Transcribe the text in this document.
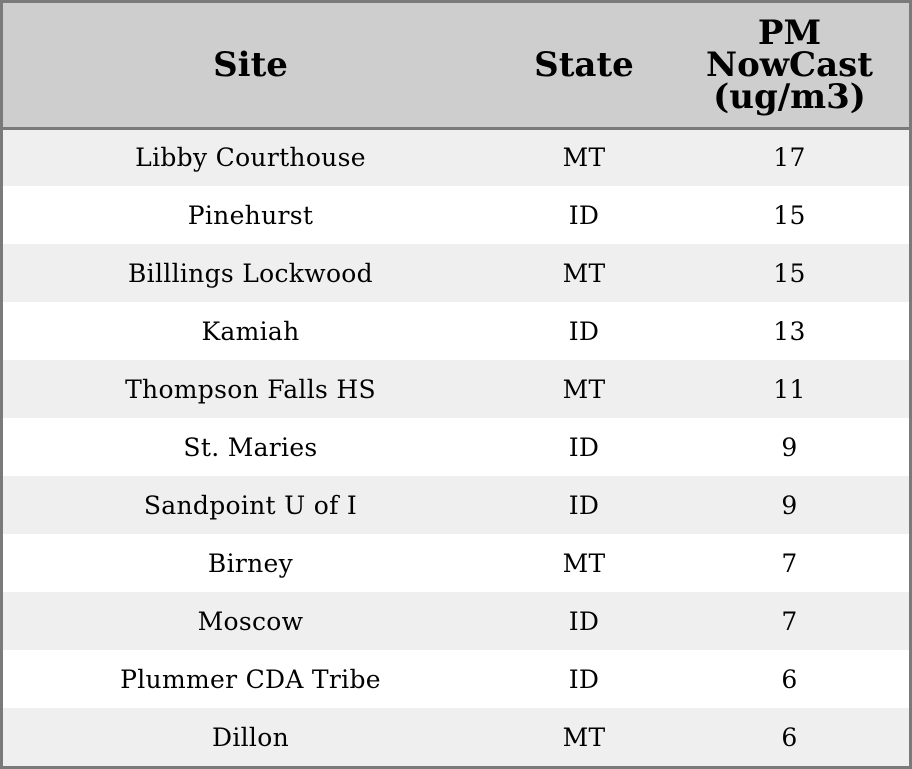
Site	State	PM
NowCast
(ug/m3)

Libby Courthouse	MT	17
Pinehurst	ID	15
Billlings Lockwood	MT	15
Kamiah	ID	13
Thompson Falls HS	MT	11
St. Maries	ID	9
Sandpoint U of I	ID	9
Birney	MT	7
Moscow	ID	7
Plummer CDA Tribe	ID	6
Dillon	MT	6
